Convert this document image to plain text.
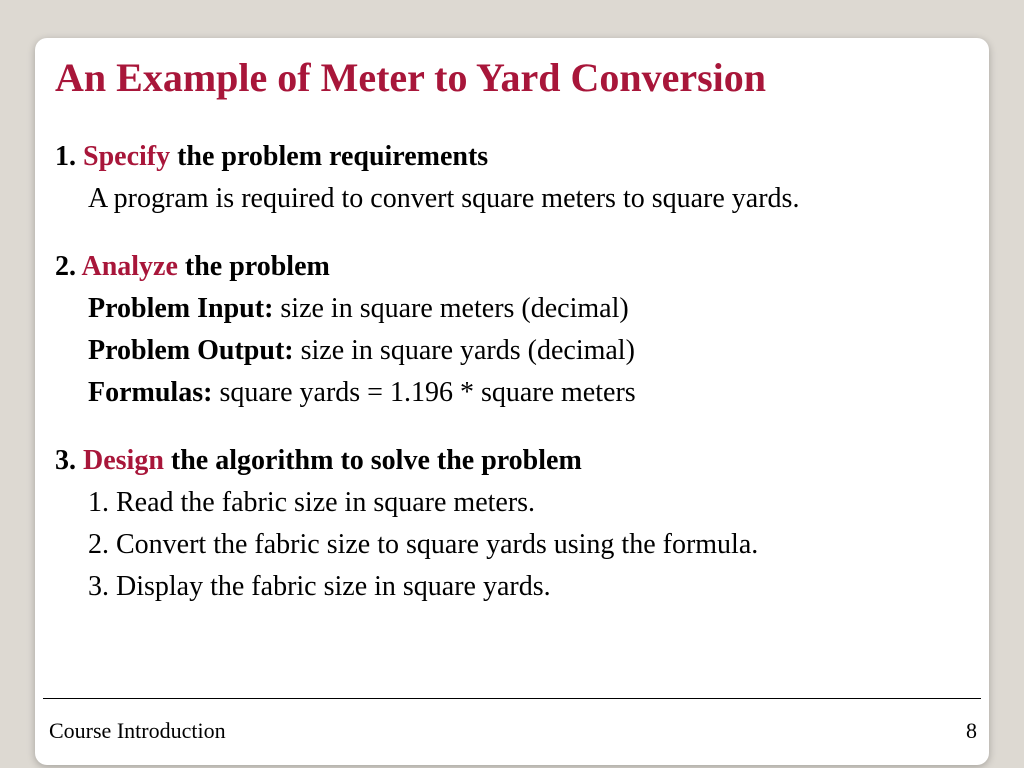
An Example of Meter to Yard Conversion
1. Specify the problem requirements
A program is required to convert square meters to square yards.
2. Analyze the problem
Problem Input: size in square meters (decimal)
Problem Output: size in square yards (decimal)
Formulas: square yards = 1.196 * square meters
3. Design the algorithm to solve the problem
1. Read the fabric size in square meters.
2. Convert the fabric size to square yards using the formula.
3. Display the fabric size in square yards.
Course Introduction	8
